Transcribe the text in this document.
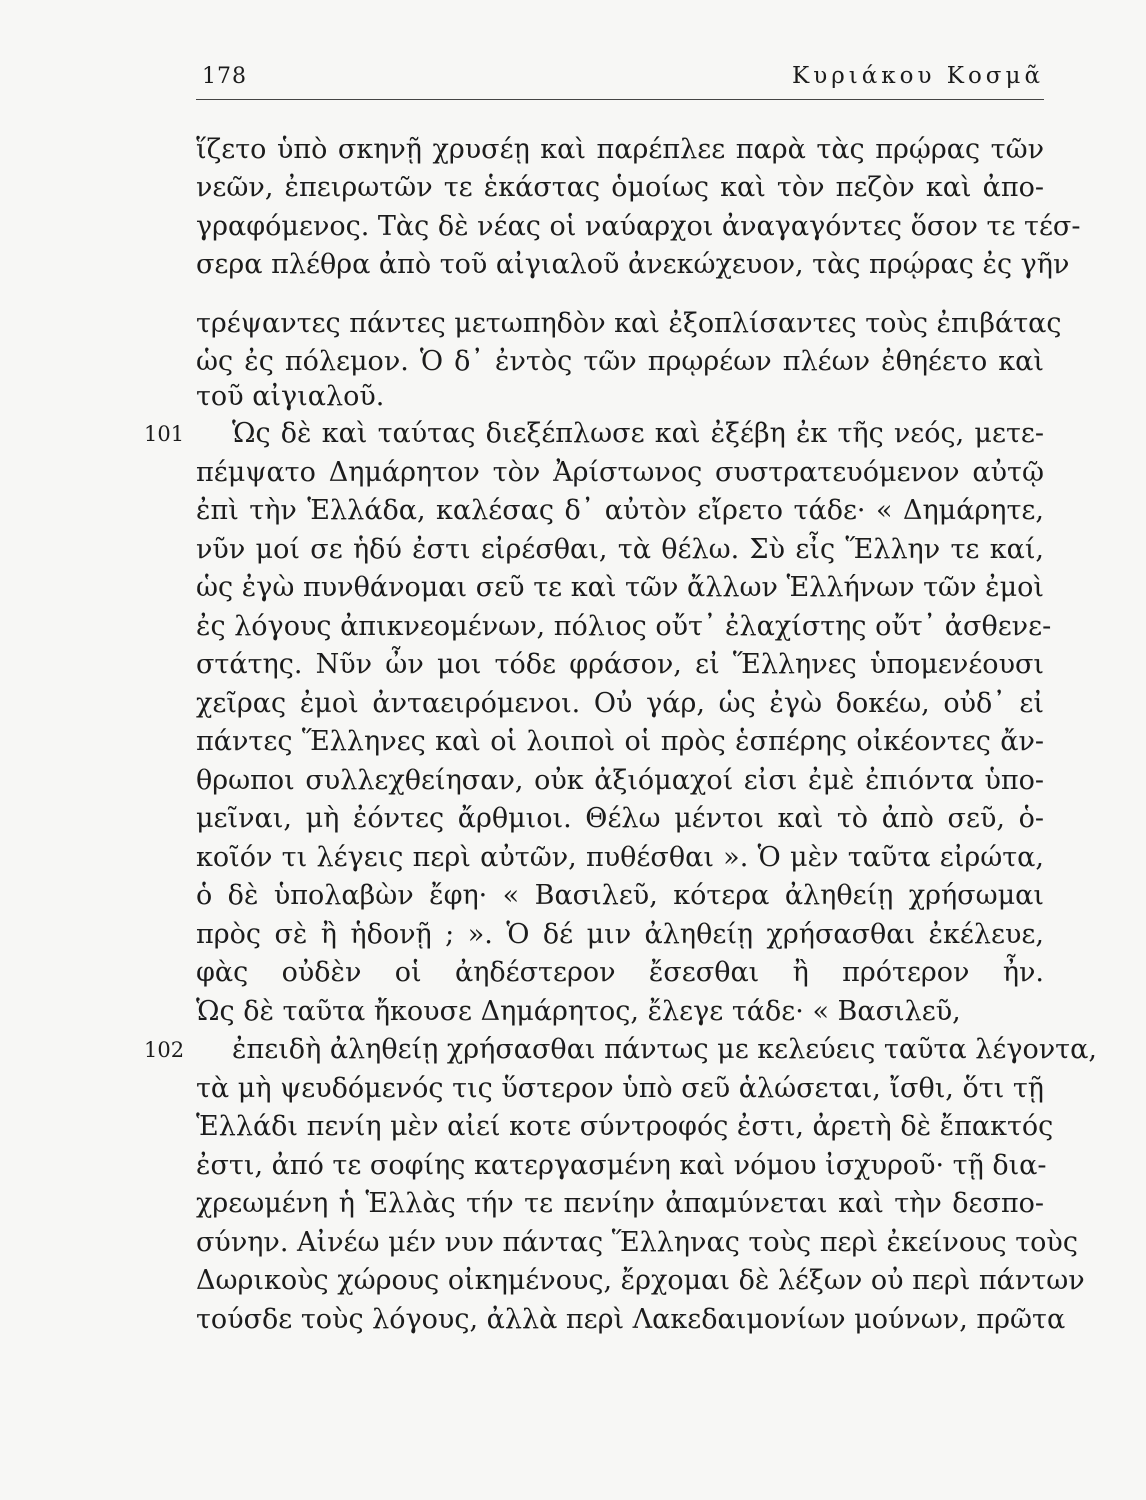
178	Κυριάκου Κοσμᾶ
101
102
ἵζετο ὑπὸ σκηνῇ χρυσέῃ καὶ παρέπλεε παρὰ τὰς πρῴρας τῶν
νεῶν, ἐπειρωτῶν τε ἑκάστας ὁμοίως καὶ τὸν πεζὸν καὶ ἀπο-
γραφόμενος. Τὰς δὲ νέας οἱ ναύαρχοι ἀναγαγόντες ὅσον τε τέσ-
σερα πλέθρα ἀπὸ τοῦ αἰγιαλοῦ ἀνεκώχευον, τὰς πρῴρας ἐς γῆν
τρέψαντες πάντες μετωπηδὸν καὶ ἐξοπλίσαντες τοὺς ἐπιβάτας
ὡς ἐς πόλεμον. Ὁ δ᾽ ἐντὸς τῶν πρῳρέων πλέων ἐθηέετο καὶ
τοῦ αἰγιαλοῦ.
Ὡς δὲ καὶ ταύτας διεξέπλωσε καὶ ἐξέβη ἐκ τῆς νεός, μετε-
πέμψατο Δημάρητον τὸν Ἀρίστωνος συστρατευόμενον αὐτῷ
ἐπὶ τὴν Ἑλλάδα, καλέσας δ᾽ αὐτὸν εἴρετο τάδε· « Δημάρητε,
νῦν μοί σε ἡδύ ἐστι εἰρέσθαι, τὰ θέλω. Σὺ εἶς Ἕλλην τε καί,
ὡς ἐγὼ πυνθάνομαι σεῦ τε καὶ τῶν ἄλλων Ἑλλήνων τῶν ἐμοὶ
ἐς λόγους ἀπικνεομένων, πόλιος οὔτ᾽ ἐλαχίστης οὔτ᾽ ἀσθενε-
στάτης. Νῦν ὦν μοι τόδε φράσον, εἰ Ἕλληνες ὑπομενέουσι
χεῖρας ἐμοὶ ἀνταειρόμενοι. Οὐ γάρ, ὡς ἐγὼ δοκέω, οὐδ᾽ εἰ
πάντες Ἕλληνες καὶ οἱ λοιποὶ οἱ πρὸς ἑσπέρης οἰκέοντες ἄν-
θρωποι συλλεχθείησαν, οὐκ ἀξιόμαχοί εἰσι ἐμὲ ἐπιόντα ὑπο-
μεῖναι, μὴ ἐόντες ἄρθμιοι. Θέλω μέντοι καὶ τὸ ἀπὸ σεῦ, ὁ-
κοῖόν τι λέγεις περὶ αὐτῶν, πυθέσθαι ». Ὁ μὲν ταῦτα εἰρώτα,
ὁ δὲ ὑπολαβὼν ἔφη· « Βασιλεῦ, κότερα ἀληθείῃ χρήσωμαι
πρὸς σὲ ἢ ἡδονῇ ; ». Ὁ δέ μιν ἀληθείῃ χρήσασθαι ἐκέλευε,
φὰς οὐδὲν οἱ ἀηδέστερον ἔσεσθαι ἢ πρότερον ἦν.
Ὡς δὲ ταῦτα ἤκουσε Δημάρητος, ἔλεγε τάδε· « Βασιλεῦ,
ἐπειδὴ ἀληθείῃ χρήσασθαι πάντως με κελεύεις ταῦτα λέγοντα,
τὰ μὴ ψευδόμενός τις ὕστερον ὑπὸ σεῦ ἁλώσεται, ἴσθι, ὅτι τῇ
Ἑλλάδι πενίη μὲν αἰεί κοτε σύντροφός ἐστι, ἀρετὴ δὲ ἔπακτός
ἐστι, ἀπό τε σοφίης κατεργασμένη καὶ νόμου ἰσχυροῦ· τῇ δια-
χρεωμένη ἡ Ἑλλὰς τήν τε πενίην ἀπαμύνεται καὶ τὴν δεσπο-
σύνην. Αἰνέω μέν νυν πάντας Ἕλληνας τοὺς περὶ ἐκείνους τοὺς
Δωρικοὺς χώρους οἰκημένους, ἔρχομαι δὲ λέξων οὐ περὶ πάντων
τούσδε τοὺς λόγους, ἀλλὰ περὶ Λακεδαιμονίων μούνων, πρῶτα
